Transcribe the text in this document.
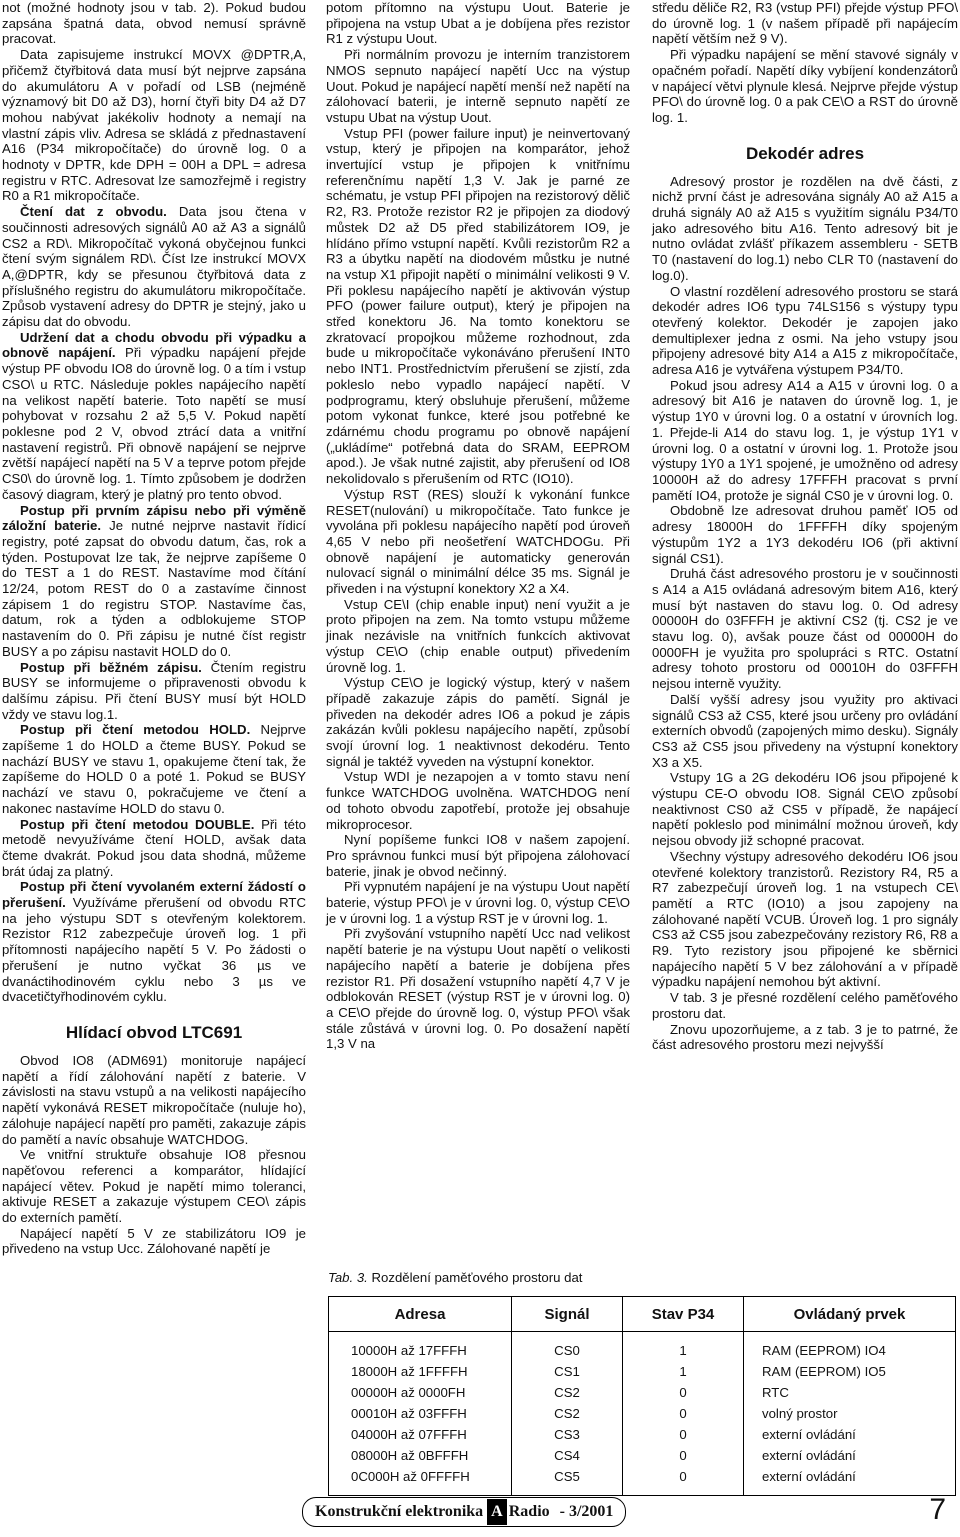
not (možné hodnoty jsou v tab. 2). Pokud budou zapsána špatná data, obvod nemusí správně pracovat.

Data zapisujeme instrukcí MOVX @DPTR,A, přičemž čtyřbitová data musí být nejprve zapsána do akumulátoru A v pořadí od LSB (nejméně významový bit D0 až D3), horní čtyři bity D4 až D7 mohou nabývat jakékoliv hodnoty a nemají na vlastní zápis vliv. Adresa se skládá z přednastavení A16 (P34 mikropočítače) do úrovně log. 0 a hodnoty v DPTR, kde DPH = 00H a DPL = adresa registru v RTC. Adresovat lze samozřejmě i registry R0 a R1 mikropočítače.

Čtení dat z obvodu. Data jsou čtena v součinnosti adresových signálů A0 až A3 a signálů CS2 a RD\. Mikropočítač vykoná obyčejnou funkci čtení svým signálem RD\. Číst lze instrukcí MOVX A,@DPTR, kdy se přesunou čtyřbitová data z příslušného registru do akumulátoru mikropočítače. Způsob vystavení adresy do DPTR je stejný, jako u zápisu dat do obvodu.

Udržení dat a chodu obvodu při výpadku a obnově napájení. Při výpadku napájení přejde výstup PF obvodu IO8 do úrovně log. 0 a tím i vstup CSO\ u RTC. Následuje pokles napájecího napětí na velikost napětí baterie. Toto napětí se musí pohybovat v rozsahu 2 až 5,5 V. Pokud napětí poklesne pod 2 V, obvod ztrácí data a vnitřní nastavení registrů. Při obnově napájení se nejprve zvětší napájecí napětí na 5 V a teprve potom přejde CS0\ do úrovně log. 1. Tímto způsobem je dodržen časový diagram, který je platný pro tento obvod.

Postup při prvním zápisu nebo při výměně záložní baterie. Je nutné nejprve nastavit řídicí registry, poté zapsat do obvodu datum, čas, rok a týden. Postupovat lze tak, že nejprve zapíšeme 0 do TEST a 1 do REST. Nastavíme mod čítání 12/24, potom REST do 0 a zastavíme činnost zápisem 1 do registru STOP. Nastavíme čas, datum, rok a týden a odblokujeme STOP nastavením do 0. Při zápisu je nutné číst registr BUSY a po zápisu nastavit HOLD do 0.

Postup při běžném zápisu. Čtením registru BUSY se informujeme o připravenosti obvodu k dalšímu zápisu. Při čtení BUSY musí být HOLD vždy ve stavu log.1.

Postup při čtení metodou HOLD. Nejprve zapíšeme 1 do HOLD a čteme BUSY. Pokud se nachází BUSY ve stavu 1, opakujeme čtení tak, že zapíšeme do HOLD 0 a poté 1. Pokud se BUSY nachází ve stavu 0, pokračujeme ve čtení a nakonec nastavíme HOLD do stavu 0.

Postup při čtení metodou DOUBLE. Při této metodě nevyužíváme čtení HOLD, avšak data čteme dvakrát. Pokud jsou data shodná, můžeme brát údaj za platný.

Postup při čtení vyvolaném externí žádostí o přerušení. Využíváme přerušení od obvodu RTC na jeho výstupu SDT s otevřeným kolektorem. Rezistor R12 zabezpečuje úroveň log. 1 při přítomnosti napájecího napětí 5 V. Po žádosti o přerušení je nutno vyčkat 36 µs ve dvanáctihodinovém cyklu nebo 3 µs ve dvacetičtyřhodinovém cyklu.

Hlídací obvod LTC691

Obvod IO8 (ADM691) monitoruje napájecí napětí a řídí zálohování napětí z baterie. V závislosti na stavu vstupů a na velikosti napájecího napětí vykonává RESET mikropočítače (nuluje ho), zálohuje napájecí napětí pro paměti, zakazuje zápis do pamětí a navíc obsahuje WATCHDOG.

Ve vnitřní struktuře obsahuje IO8 přesnou napěťovou referenci a komparátor, hlídající napájecí větev. Pokud je napětí mimo toleranci, aktivuje RESET a zakazuje výstupem CEO\ zápis do externích pamětí.

Napájecí napětí 5 V ze stabilizátoru IO9 je přivedeno na vstup Ucc. Zálohované napětí je

potom přítomno na výstupu Uout. Baterie je připojena na vstup Ubat a je dobíjena přes rezistor R1 z výstupu Uout.

Při normálním provozu je interním tranzistorem NMOS sepnuto napájecí napětí Ucc na výstup Uout. Pokud je napájecí napětí menší než napětí na zálohovací baterii, je interně sepnuto napětí ze vstupu Ubat na výstup Uout.

Vstup PFI (power failure input) je neinvertovaný vstup, který je připojen na komparátor, jehož invertující vstup je připojen k vnitřnímu referenčnímu napětí 1,3 V. Jak je parné ze schématu, je vstup PFI připojen na rezistorový dělič R2, R3. Protože rezistor R2 je připojen za diodový můstek D2 až D5 před stabilizátorem IO9, je hlídáno přímo vstupní napětí. Kvůli rezistorům R2 a R3 a úbytku napětí na diodovém můstku je nutné na vstup X1 připojit napětí o minimální velikosti 9 V. Při poklesu napájecího napětí je aktivován výstup PFO (power failure output), který je připojen na střed konektoru J6. Na tomto konektoru se zkratovací propojkou můžeme rozhodnout, zda bude u mikropočítače vykonáváno přerušení INT0 nebo INT1. Prostřednictvím přerušení se zjistí, zda pokleslo nebo vypadlo napájecí napětí. V podprogramu, který obsluhuje přerušení, můžeme potom vykonat funkce, které jsou potřebné ke zdárnému chodu programu po obnově napájení („ukládíme“ potřebná data do SRAM, EEPROM apod.). Je však nutné zajistit, aby přerušení od IO8 nekolidovalo s přerušením od RTC (IO10).

Výstup RST (RES) slouží k vykonání funkce RESET(nulování) u mikropočítače. Tato funkce je vyvolána při poklesu napájecího napětí pod úroveň 4,65 V nebo při neošetření WATCHDOGu. Při obnově napájení je automaticky generován nulovací signál o minimální délce 35 ms. Signál je přiveden i na výstupní konektory X2 a X4.

Vstup CE\I (chip enable input) není využit a je proto připojen na zem. Na tomto vstupu můžeme jinak nezávisle na vnitřních funkcích aktivovat výstup CE\O (chip enable output) přivedením úrovně log. 1.

Výstup CE\O je logický výstup, který v našem případě zakazuje zápis do pamětí. Signál je přiveden na dekodér adres IO6 a pokud je zápis zakázán kvůli poklesu napájecího napětí, způsobí svojí úrovní log. 1 neaktivnost dekodéru. Tento signál je taktéž vyveden na výstupní konektor.

Vstup WDI je nezapojen a v tomto stavu není funkce WATCHDOG uvolněna. WATCHDOG není od tohoto obvodu zapotřebí, protože jej obsahuje mikroprocesor.

Nyní popíšeme funkci IO8 v našem zapojení. Pro správnou funkci musí být připojena zálohovací baterie, jinak je obvod nečinný.

Při vypnutém napájení je na výstupu Uout napětí baterie, výstup PFO\ je v úrovni log. 0, výstup CE\O je v úrovni log. 1 a výstup RST je v úrovni log. 1.

Při zvyšování vstupního napětí Ucc nad velikost napětí baterie je na výstupu Uout napětí o velikosti napájecího napětí a baterie je dobíjena přes rezistor R1. Při dosažení vstupního napětí 4,7 V je odblokován RESET (výstup RST je v úrovni log. 0) a CE\O přejde do úrovně log. 0, výstup PFO\ však stále zůstává v úrovni log. 0. Po dosažení napětí 1,3 V na

středu děliče R2, R3 (vstup PFI) přejde výstup PFO\ do úrovně log. 1 (v našem případě při napájecím napětí větším než 9 V).

Při výpadku napájení se mění stavové signály v opačném pořadí. Napětí díky vybíjení kondenzátorů v napájecí větvi plynule klesá. Nejprve přejde výstup PFO\ do úrovně log. 0 a pak CE\O a RST do úrovně log. 1.

Dekodér adres

Adresový prostor je rozdělen na dvě části, z nichž první část je adresována signály A0 až A15 a druhá signály A0 až A15 s využitím signálu P34/T0 jako adresového bitu A16. Tento adresový bit je nutno ovládat zvlášť příkazem assembleru - SETB T0 (nastavení do log.1) nebo CLR T0 (nastavení do log.0).

O vlastní rozdělení adresového prostoru se stará dekodér adres IO6 typu 74LS156 s výstupy typu otevřený kolektor. Dekodér je zapojen jako demultiplexer jedna z osmi. Na jeho vstupy jsou připojeny adresové bity A14 a A15 z mikropočítače, adresa A16 je vytvářena výstupem P34/T0.

Pokud jsou adresy A14 a A15 v úrovni log. 0 a adresový bit A16 je nataven do úrovně log. 1, je výstup 1Y0 v úrovni log. 0 a ostatní v úrovních log. 1. Přejde-li A14 do stavu log. 1, je výstup 1Y1 v úrovni log. 0 a ostatní v úrovni log. 1. Protože jsou výstupy 1Y0 a 1Y1 spojené, je umožněno od adresy 10000H až do adresy 17FFFH pracovat s první pamětí IO4, protože je signál CS0 je v úrovni log. 0.

Obdobně lze adresovat druhou paměť IO5 od adresy 18000H do 1FFFFH díky spojeným výstupům 1Y2 a 1Y3 dekodéru IO6 (při aktivní signál CS1).

Druhá část adresového prostoru je v součinnosti s A14 a A15 ovládaná adresovým bitem A16, který musí být nastaven do stavu log. 0. Od adresy 00000H do 03FFFH je aktivní CS2 (tj. CS2 je ve stavu log. 0), avšak pouze část od 00000H do 0000FH je využita pro spolupráci s RTC. Ostatní adresy tohoto prostoru od 00010H do 03FFFH nejsou interně využity.

Další vyšší adresy jsou využity pro aktivaci signálů CS3 až CS5, které jsou určeny pro ovládání externích obvodů (zapojených mimo desku). Signály CS3 až CS5 jsou přivedeny na výstupní konektory X3 a X5.

Vstupy 1G a 2G dekodéru IO6 jsou připojené k výstupu CE-O obvodu IO8. Signál CE\O způsobí neaktivnost CS0 až CS5 v případě, že napájecí napětí pokleslo pod minimální možnou úroveň, kdy nejsou obvody již schopné pracovat.

Všechny výstupy adresového dekodéru IO6 jsou otevřené kolektory tranzistorů. Rezistory R4, R5 a R7 zabezpečují úroveň log. 1 na vstupech CE\ pamětí a RTC (IO10) a jsou zapojeny na zálohované napětí VCUB. Úroveň log. 1 pro signály CS3 až CS5 jsou zabezpečovány rezistory R6, R8 a R9. Tyto rezistory jsou připojené ke sběrnici napájecího napětí 5 V bez zálohování a v případě výpadku napájení nemohou být aktivní.

V tab. 3 je přesné rozdělení celého paměťového prostoru dat.

Znovu upozorňujeme, a z tab. 3 je to patrné, že část adresového prostoru mezi nejvyšší

Tab. 3. Rozdělení paměťového prostoru dat
Adresa	Signál	Stav P34	Ovládaný prvek
10000H až 17FFFH	CS0	1	RAM (EEPROM) IO4
18000H až 1FFFFH	CS1	1	RAM (EEPROM) IO5
00000H až 0000FH	CS2	0	RTC
00010H až 03FFFH	CS2	0	volný prostor
04000H až 07FFFH	CS3	0	externí ovládání
08000H až 0BFFFH	CS4	0	externí ovládání
0C000H až 0FFFFH	CS5	0	externí ovládání
Konstrukční elektronika A Radio - 3/2001	7
